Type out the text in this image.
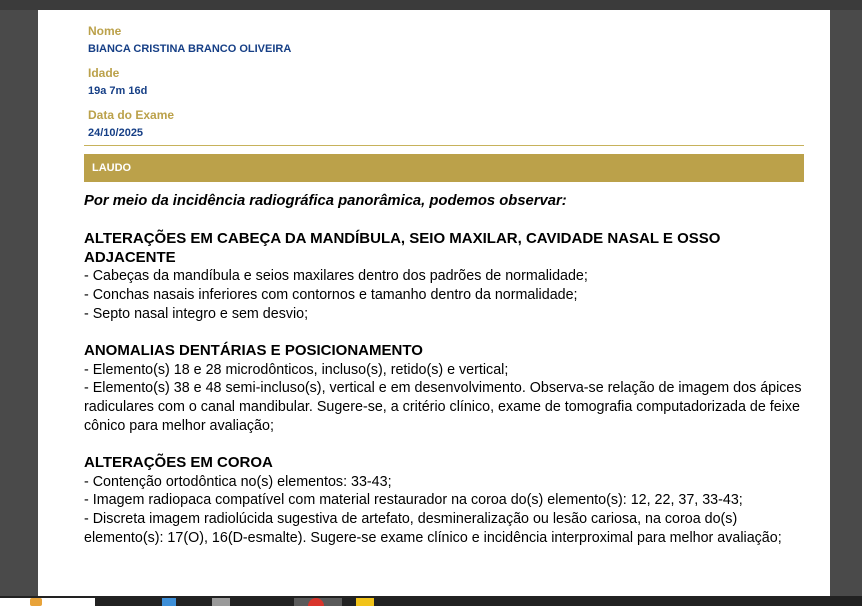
Nome
BIANCA CRISTINA BRANCO OLIVEIRA
Idade
19a 7m 16d
Data do Exame
24/10/2025
LAUDO
Por meio da incidência radiográfica panorâmica, podemos observar:
ALTERAÇÕES EM CABEÇA DA MANDÍBULA, SEIO MAXILAR, CAVIDADE NASAL E OSSO ADJACENTE
- Cabeças da mandíbula e seios maxilares dentro dos padrões de normalidade;
- Conchas nasais inferiores com contornos e tamanho dentro da normalidade;
- Septo nasal integro e sem desvio;
ANOMALIAS DENTÁRIAS E POSICIONAMENTO
- Elemento(s) 18 e 28 microdônticos, incluso(s), retido(s) e vertical;
- Elemento(s) 38 e 48 semi-incluso(s), vertical e em desenvolvimento. Observa-se relação de imagem dos ápices radiculares com o canal mandibular. Sugere-se, a critério clínico, exame de tomografia computadorizada de feixe cônico para melhor avaliação;
ALTERAÇÕES EM COROA
- Contenção ortodôntica no(s) elementos: 33-43;
- Imagem radiopaca compatível com material restaurador na coroa do(s) elemento(s): 12, 22, 37, 33-43;
- Discreta imagem radiolúcida sugestiva de artefato, desmineralização ou lesão cariosa, na coroa do(s) elemento(s): 17(O), 16(D-esmalte). Sugere-se exame clínico e incidência interproximal para melhor avaliação;
